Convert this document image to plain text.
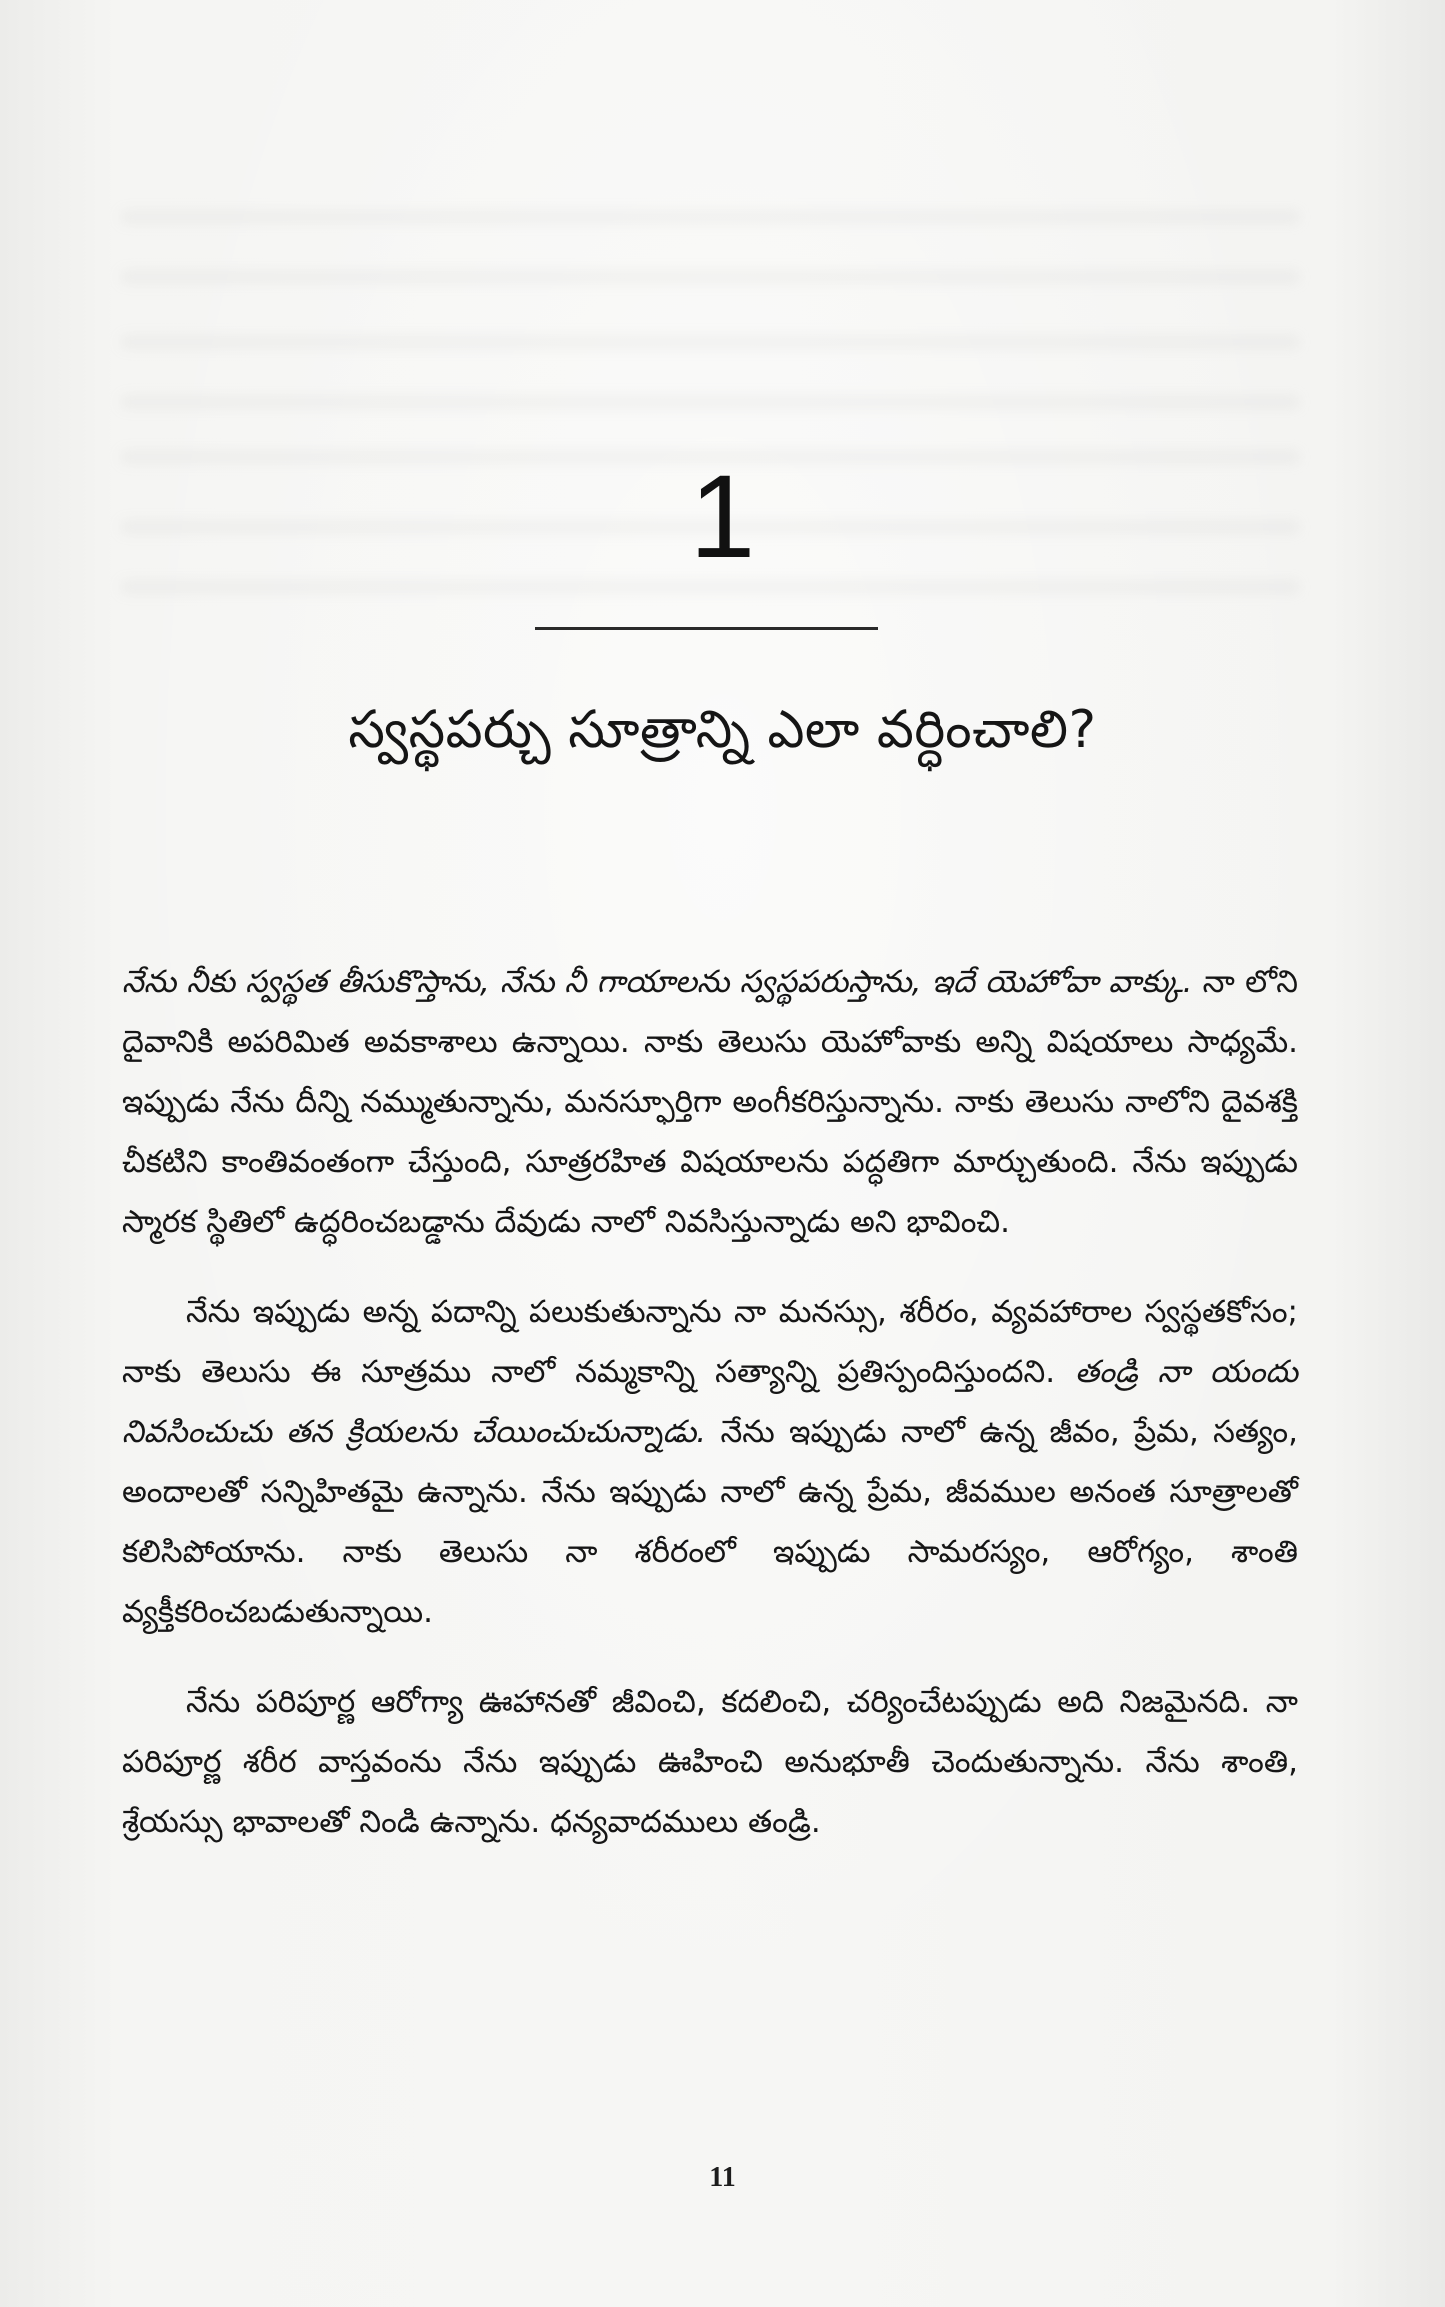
1
స్వస్థపర్చు సూత్రాన్ని ఎలా వర్ధించాలి?

నేను నీకు స్వస్థత తీసుకొస్తాను, నేను నీ గాయాలను స్వస్థపరుస్తాను, ఇదే యెహోవా వాక్కు. నా లోని దైవానికి అపరిమిత అవకాశాలు ఉన్నాయి. నాకు తెలుసు యెహోవాకు అన్ని విషయాలు సాధ్యమే. ఇప్పుడు నేను దీన్ని నమ్ముతున్నాను, మనస్ఫూర్తిగా అంగీకరిస్తున్నాను. నాకు తెలుసు నాలోని దైవశక్తి చీకటిని కాంతివంతంగా చేస్తుంది, సూత్రరహిత విషయాలను పద్ధతిగా మార్చుతుంది. నేను ఇప్పుడు స్మారక స్థితిలో ఉద్ధరించబడ్డాను దేవుడు నాలో నివసిస్తున్నాడు అని భావించి.

నేను ఇప్పుడు అన్న పదాన్ని పలుకుతున్నాను నా మనస్సు, శరీరం, వ్యవహారాల స్వస్థతకోసం; నాకు తెలుసు ఈ సూత్రము నాలో నమ్మకాన్ని సత్యాన్ని ప్రతిస్పందిస్తుందని. తండ్రి నా యందు నివసించుచు తన క్రియలను చేయించుచున్నాడు. నేను ఇప్పుడు నాలో ఉన్న జీవం, ప్రేమ, సత్యం, అందాలతో సన్నిహితమై ఉన్నాను. నేను ఇప్పుడు నాలో ఉన్న ప్రేమ, జీవముల అనంత సూత్రాలతో కలిసిపోయాను. నాకు తెలుసు నా శరీరంలో ఇప్పుడు సామరస్యం, ఆరోగ్యం, శాంతి వ్యక్తీకరించబడుతున్నాయి.

నేను పరిపూర్ణ ఆరోగ్యా ఊహానతో జీవించి, కదలించి, చర్యించేటప్పుడు అది నిజమైనది. నా పరిపూర్ణ శరీర వాస్తవంను నేను ఇప్పుడు ఊహించి అనుభూతీ చెందుతున్నాను. నేను శాంతి, శ్రేయస్సు భావాలతో నిండి ఉన్నాను. ధన్యవాదములు తండ్రి.

11
